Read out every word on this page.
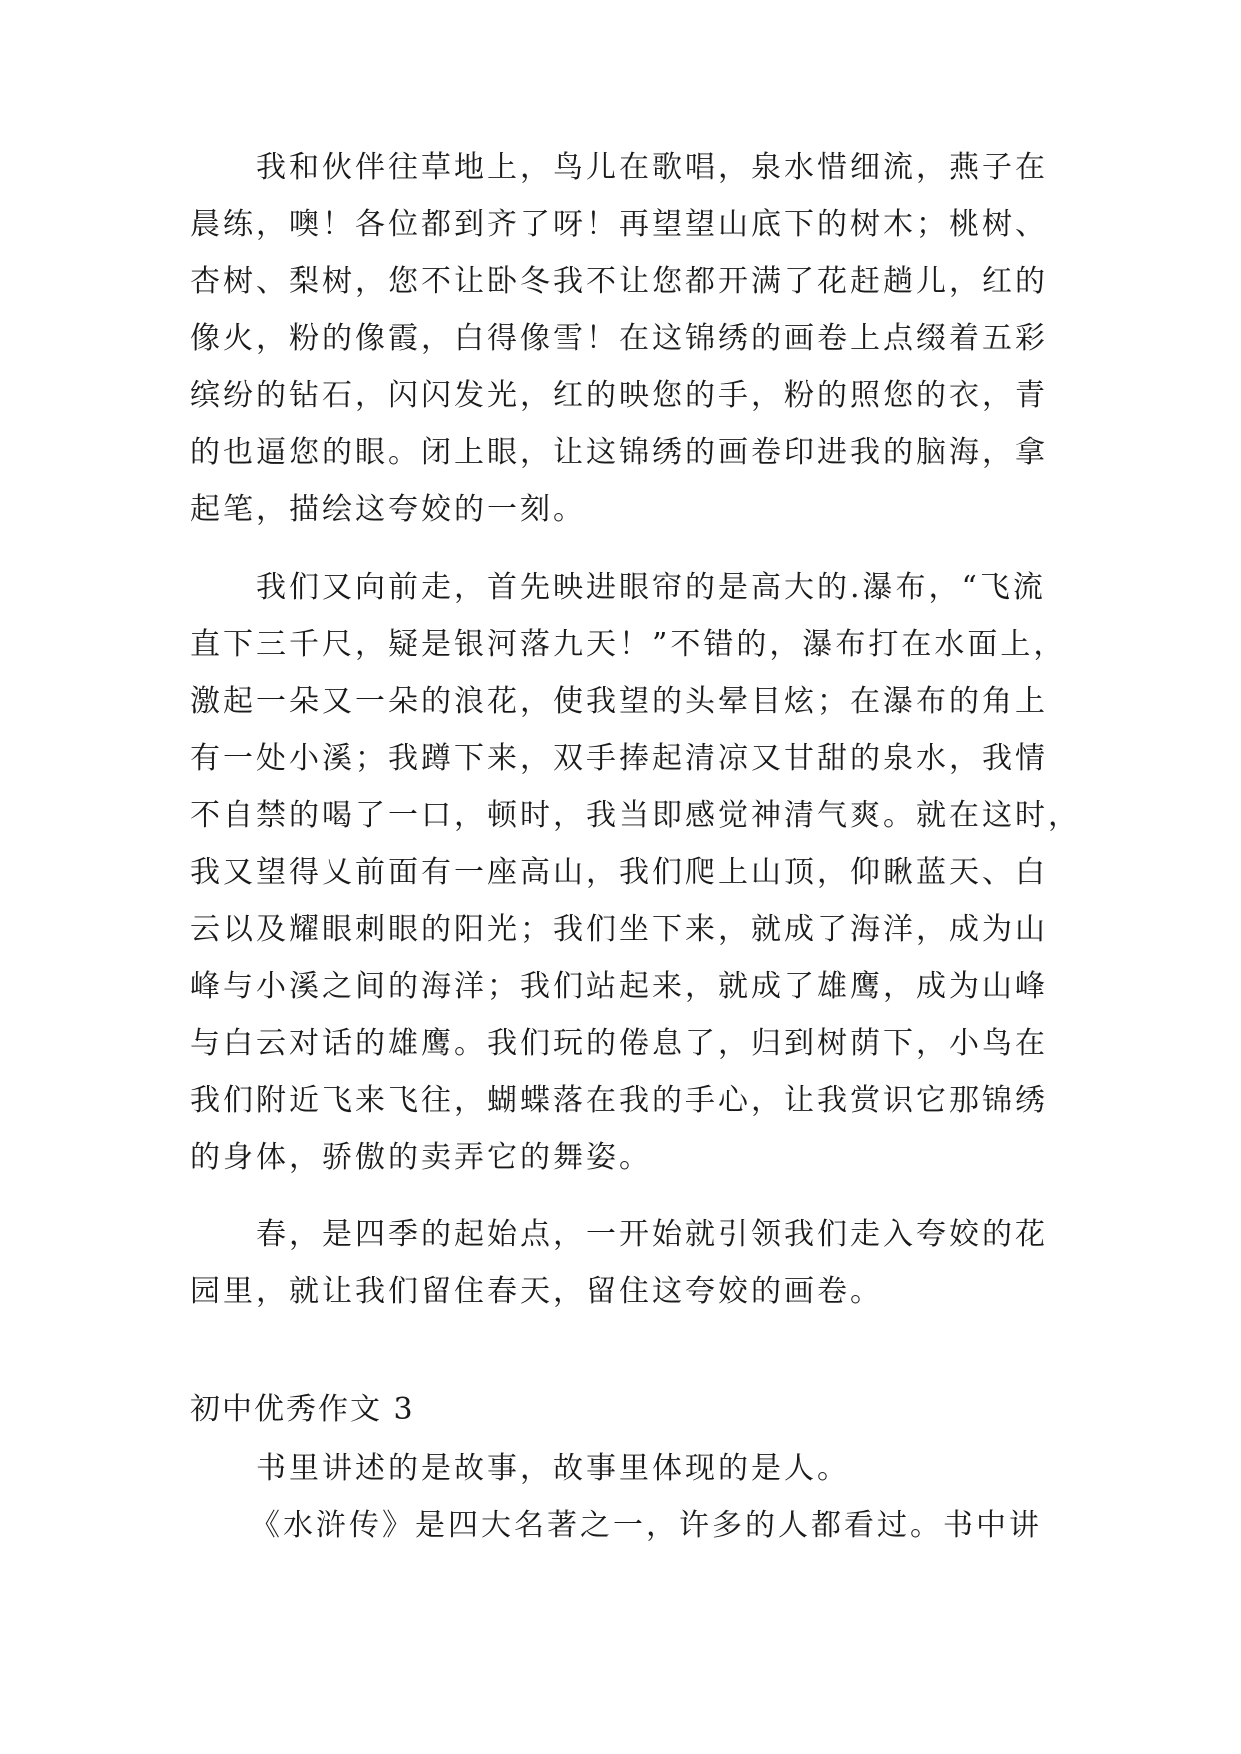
我和伙伴往草地上，鸟儿在歌唱，泉水惜细流，燕子在
晨练，噢！各位都到齐了呀！再望望山底下的树木；桃树、
杏树、梨树，您不让卧冬我不让您都开满了花赶趟儿，红的
像火，粉的像霞，白得像雪！在这锦绣的画卷上点缀着五彩
缤纷的钻石，闪闪发光，红的映您的手，粉的照您的衣，青
的也逼您的眼。闭上眼，让这锦绣的画卷印进我的脑海，拿
起笔，描绘这夸姣的一刻。
我们又向前走，首先映进眼帘的是高大的.瀑布，“飞流
直下三千尺，疑是银河落九天！”不错的，瀑布打在水面上，
激起一朵又一朵的浪花，使我望的头晕目炫；在瀑布的角上
有一处小溪；我蹲下来，双手捧起清凉又甘甜的泉水，我情
不自禁的喝了一口，顿时，我当即感觉神清气爽。就在这时，
我又望得乂前面有一座高山，我们爬上山顶，仰瞅蓝天、白
云以及耀眼刺眼的阳光；我们坐下来，就成了海洋，成为山
峰与小溪之间的海洋；我们站起来，就成了雄鹰，成为山峰
与白云对话的雄鹰。我们玩的倦息了，归到树荫下，小鸟在
我们附近飞来飞往，蝴蝶落在我的手心，让我赏识它那锦绣
的身体，骄傲的卖弄它的舞姿。
春，是四季的起始点，一开始就引领我们走入夸姣的花
园里，就让我们留住春天，留住这夸姣的画卷。
初中优秀作文 3
书里讲述的是故事，故事里体现的是人。
《水浒传》是四大名著之一，许多的人都看过。书中讲
